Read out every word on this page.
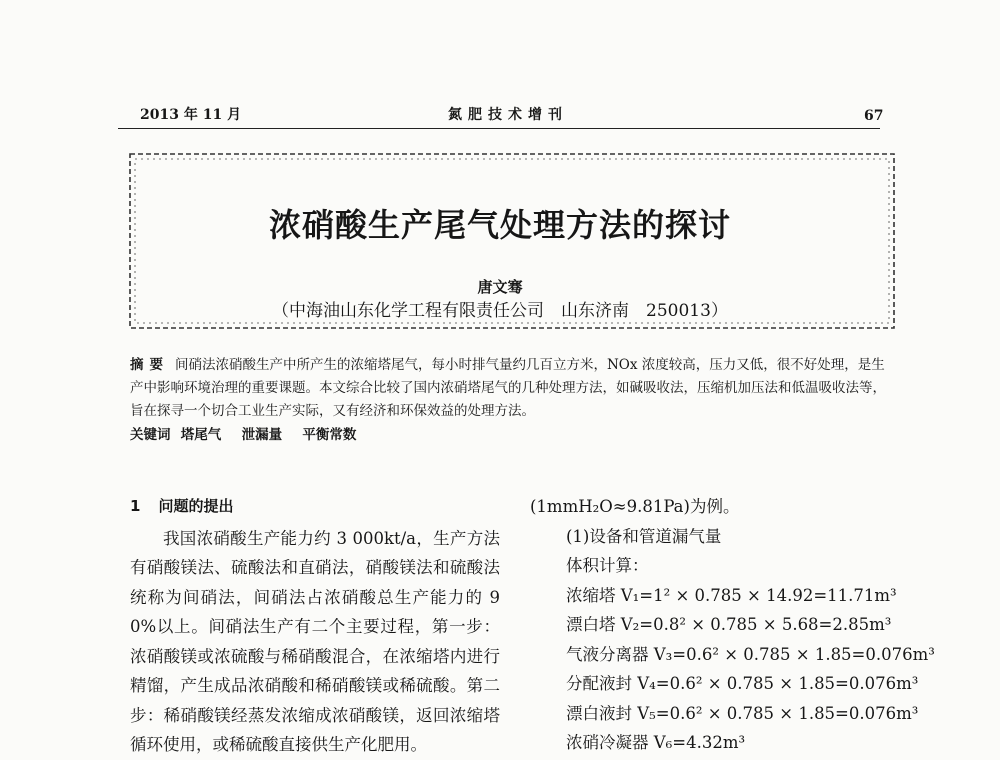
2013 年 11 月	氮肥技术增刊	67
浓硝酸生产尾气处理方法的探讨
唐文骞
（中海油山东化学工程有限责任公司　山东济南　250013）
摘要 间硝法浓硝酸生产中所产生的浓缩塔尾气，每小时排气量约几百立方米，NOx 浓度较高，压力又低，很不好处理，是生产中影响环境治理的重要课题。本文综合比较了国内浓硝塔尾气的几种处理方法，如碱吸收法，压缩机加压法和低温吸收法等，旨在探寻一个切合工业生产实际，又有经济和环保效益的处理方法。
关键词 塔尾气 泄漏量 平衡常数
1 问题的提出
我国浓硝酸生产能力约 3 000kt/a，生产方法有硝酸镁法、硫酸法和直硝法，硝酸镁法和硫酸法统称为间硝法，间硝法占浓硝酸总生产能力的 90%以上。间硝法生产有二个主要过程，第一步：浓硝酸镁或浓硫酸与稀硝酸混合，在浓缩塔内进行精馏，产生成品浓硝酸和稀硝酸镁或稀硫酸。第二步：稀硝酸镁经蒸发浓缩成浓硝酸镁，返回浓缩塔循环使用，或稀硫酸直接供生产化肥用。
(1mmH₂O≈9.81Pa)为例。
(1)设备和管道漏气量
体积计算：
浓缩塔 V₁=1² × 0.785 × 14.92=11.71m³
漂白塔 V₂=0.8² × 0.785 × 5.68=2.85m³
气液分离器 V₃=0.6² × 0.785 × 1.85=0.076m³
分配液封 V₄=0.6² × 0.785 × 1.85=0.076m³
漂白液封 V₅=0.6² × 0.785 × 1.85=0.076m³
浓硝冷凝器 V₆=4.32m³
